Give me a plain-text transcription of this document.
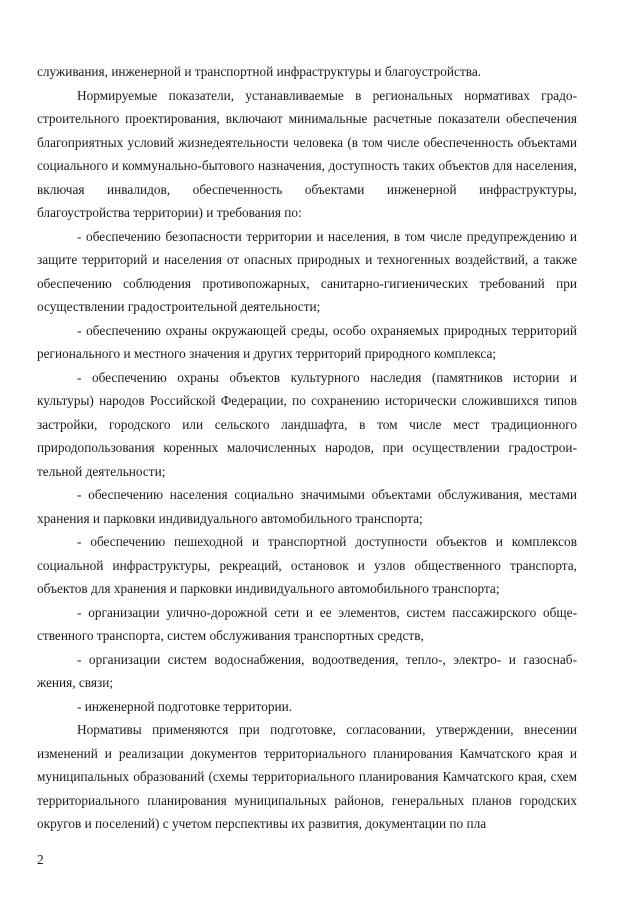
служивания, инженерной и транспортной инфраструктуры и благоустройства.

Нормируемые показатели, устанавливаемые в региональных нормативах градостроительного проектирования, включают минимальные расчетные показатели обеспечения благоприятных условий жизнедеятельности человека (в том числе обеспеченность объектами социального и коммунально-бытового назначения, доступность таких объектов для населения, включая инвалидов, обеспеченность объектами инженерной инфраструктуры, благоустройства территории) и требования по:

- обеспечению безопасности территории и населения, в том числе предупреждению и защите территорий и населения от опасных природных и техногенных воздействий, а также обеспечению соблюдения противопожарных, санитарно-гигиенических требований при осуществлении градостроительной деятельности;

- обеспечению охраны окружающей среды, особо охраняемых природных территорий регионального и местного значения и других территорий природного комплекса;

- обеспечению охраны объектов культурного наследия (памятников истории и культуры) народов Российской Федерации, по сохранению исторически сложившихся типов застройки, городского или сельского ландшафта, в том числе мест традиционного природопользования коренных малочисленных народов, при осуществлении градостроительной деятельности;

- обеспечению населения социально значимыми объектами обслуживания, местами хранения и парковки индивидуального автомобильного транспорта;

- обеспечению пешеходной и транспортной доступности объектов и комплексов социальной инфраструктуры, рекреаций, остановок и узлов общественного транспорта, объектов для хранения и парковки индивидуального автомобильного транспорта;

- организации улично-дорожной сети и ее элементов, систем пассажирского общественного транспорта, систем обслуживания транспортных средств,

- организации систем водоснабжения, водоотведения, тепло-, электро- и газоснабжения, связи;

- инженерной подготовке территории.

Нормативы применяются при подготовке, согласовании, утверждении, внесении изменений и реализации документов территориального планирования Камчатского края и муниципальных образований (схемы территориального планирования Камчатского края, схем территориального планирования муниципальных районов, генеральных планов городских округов и поселений) с учетом перспективы их развития, документации по пла

2
